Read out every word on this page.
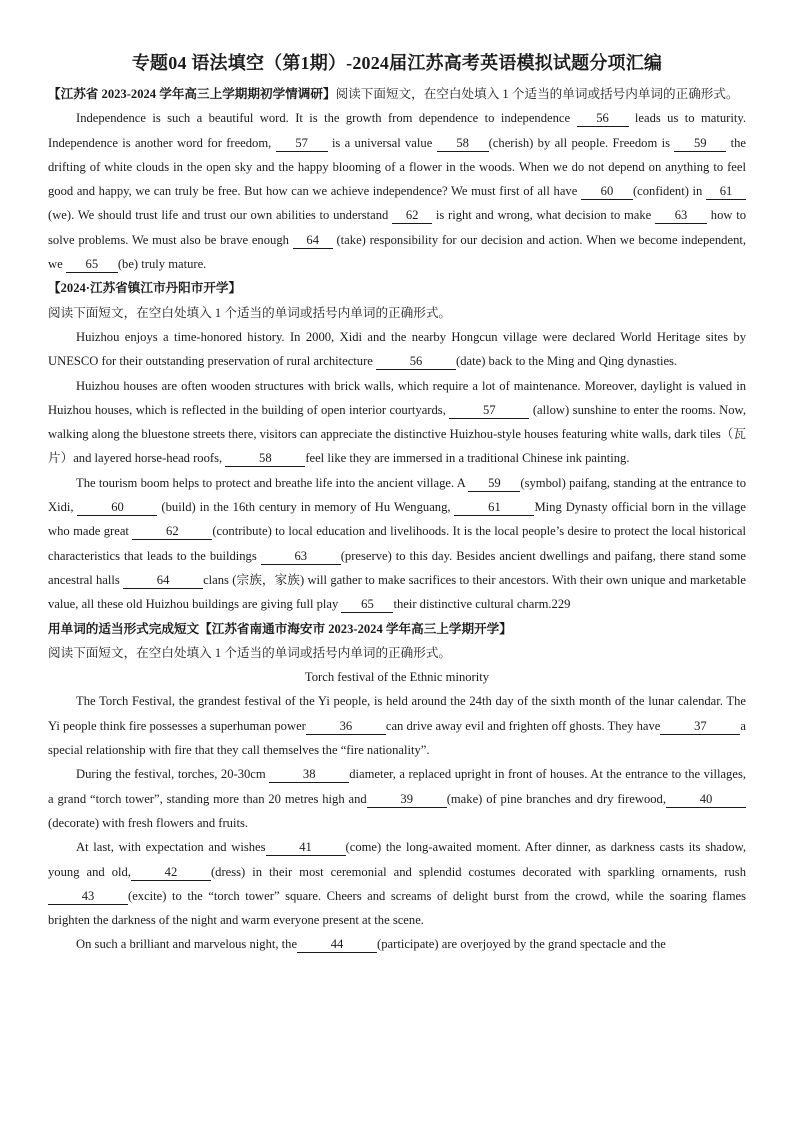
专题04 语法填空（第1期）-2024届江苏高考英语模拟试题分项汇编

【江苏省 2023-2024 学年高三上学期期初学情调研】阅读下面短文，在空白处填入 1 个适当的单词或括号内单词的正确形式。

Independence is such a beautiful word. It is the growth from dependence to independence 56 leads us to maturity. Independence is another word for freedom, 57 is a universal value 58 (cherish) by all people. Freedom is 59 the drifting of white clouds in the open sky and the happy blooming of a flower in the woods. When we do not depend on anything to feel good and happy, we can truly be free. But how can we achieve independence? We must first of all have 60 (confident) in 61(we). We should trust life and trust our own abilities to understand 62 is right and wrong, what decision to make 63 how to solve problems. We must also be brave enough 64 (take) responsibility for our decision and action. When we become independent, we 65 (be) truly mature.

【2024·江苏省镇江市丹阳市开学】

阅读下面短文，在空白处填入 1 个适当的单词或括号内单词的正确形式。

Huizhou enjoys a time-honored history. In 2000, Xidi and the nearby Hongcun village were declared World Heritage sites by UNESCO for their outstanding preservation of rural architecture	56	(date) back to the Ming and Qing dynasties.

Huizhou houses are often wooden structures with brick walls, which require a lot of maintenance. Moreover, daylight is valued in Huizhou houses, which is reflected in the building of open interior courtyards,	57	(allow) sunshine to enter the rooms. Now, walking along the bluestone streets there, visitors can appreciate the distinctive Huizhou-style houses featuring white walls, dark tiles（瓦片）and layered horse-head roofs,	58	feel like they are immersed in a traditional Chinese ink painting.

The tourism boom helps to protect and breathe life into the ancient village. A 59 (symbol) paifang, standing at the entrance to Xidi,	60	(build) in the 16th century in memory of Hu Wenguang,	61	Ming Dynasty official born in the village who made great	62	(contribute) to local education and livelihoods. It is the local people’s desire to protect the local historical characteristics that leads to the buildings	63	(preserve) to this day. Besides ancient dwellings and paifang, there stand some ancestral halls	64	clans (宗族，家族) will gather to make sacrifices to their ancestors. With their own unique and marketable value, all these old Huizhou buildings are giving full play 65 their distinctive cultural charm.229

用单词的适当形式完成短文【江苏省南通市海安市 2023-2024 学年高三上学期开学】

阅读下面短文，在空白处填入 1 个适当的单词或括号内单词的正确形式。

Torch festival of the Ethnic minority

The Torch Festival, the grandest festival of the Yi people, is held around the 24th day of the sixth month of the lunar calendar. The Yi people think fire possesses a superhuman power	36	can drive away evil and frighten off ghosts. They have	37	a special relationship with fire that they call themselves the “fire nationality”.

During the festival, torches, 20-30cm	38	diameter, a replaced upright in front of houses. At the entrance to the villages, a grand “torch tower”, standing more than 20 metres high and	39	(make) of pine branches and dry firewood,	40(decorate) with fresh flowers and fruits.

At last, with expectation and wishes	41	(come) the long-awaited moment. After dinner, as darkness casts its shadow, young and old,	42	(dress) in their most ceremonial and splendid costumes decorated with sparkling ornaments, rush43	(excite) to the “torch tower” square. Cheers and screams of delight burst from the crowd, while the soaring flames brighten the darkness of the night and warm everyone present at the scene.

On such a brilliant and marvelous night, the	44	(participate) are overjoyed by the grand spectacle and the
